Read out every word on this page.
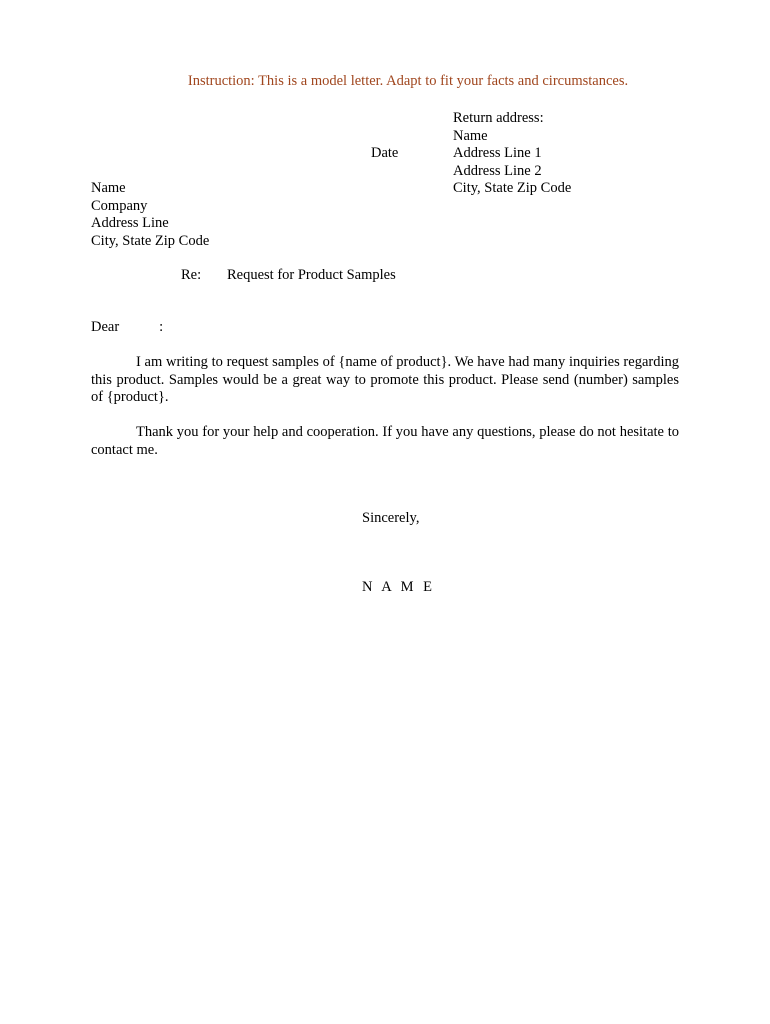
Instruction: This is a model letter. Adapt to fit your facts and circumstances.
Return address:
Name
Address Line 1
Address Line 2
City, State Zip Code
Date
Name
Company
Address Line
City, State Zip Code
Re: Request for Product Samples
Dear	:
I am writing to request samples of {name of product}. We have had many inquiries regarding this product. Samples would be a great way to promote this product. Please send (number) samples of {product}.
Thank you for your help and cooperation. If you have any questions, please do not hesitate to contact me.
Sincerely,
N A M E
